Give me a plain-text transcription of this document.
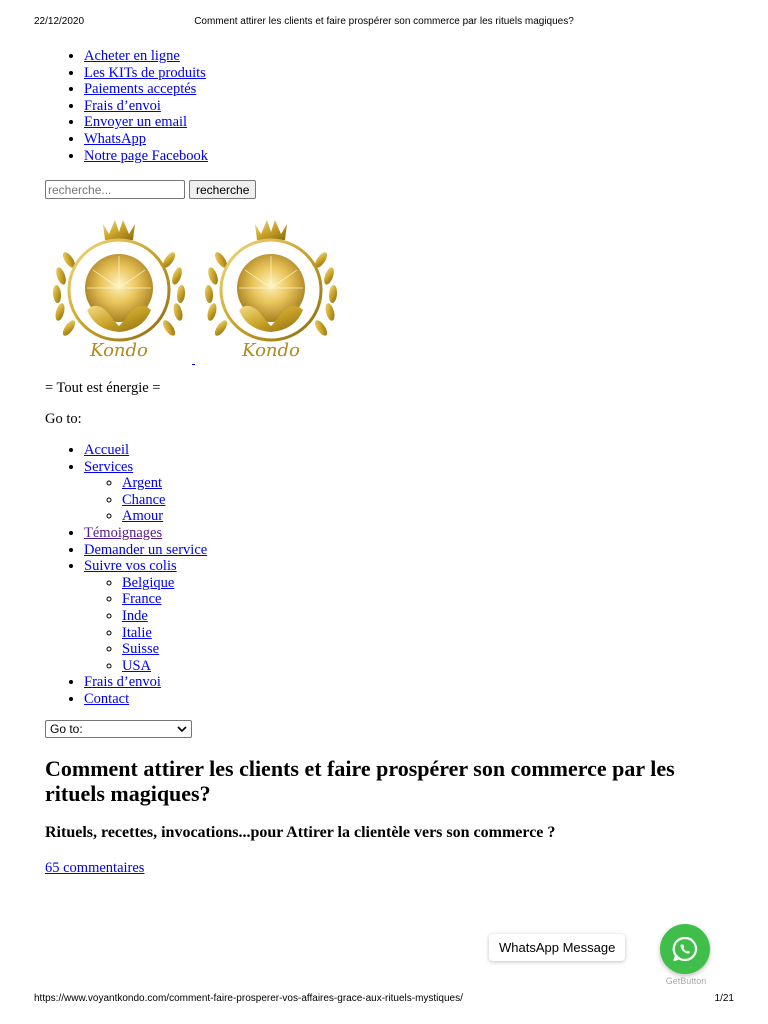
22/12/2020	Comment attirer les clients et faire prospérer son commerce par les rituels magiques?
• Acheter en ligne
• Les KITs de produits
• Paiements acceptés
• Frais d’envoi
• Envoyer un email
• WhatsApp
• Notre page Facebook
recherche...
recherche
Kondo	Kondo
= Tout est énergie =
Go to:
• Accueil
• Services
◦ Argent
◦ Chance
◦ Amour
• Témoignages
• Demander un service
• Suivre vos colis
◦ Belgique
◦ France
◦ Inde
◦ Italie
◦ Suisse
◦ USA
• Frais d’envoi
• Contact
Go to:
Comment attirer les clients et faire prospérer son commerce par les rituels magiques?
Rituels, recettes, invocations...pour Attirer la clientèle vers son commerce ?
65 commentaires
WhatsApp Message
GetButton
https://www.voyantkondo.com/comment-faire-prosperer-vos-affaires-grace-aux-rituels-mystiques/	1/21
